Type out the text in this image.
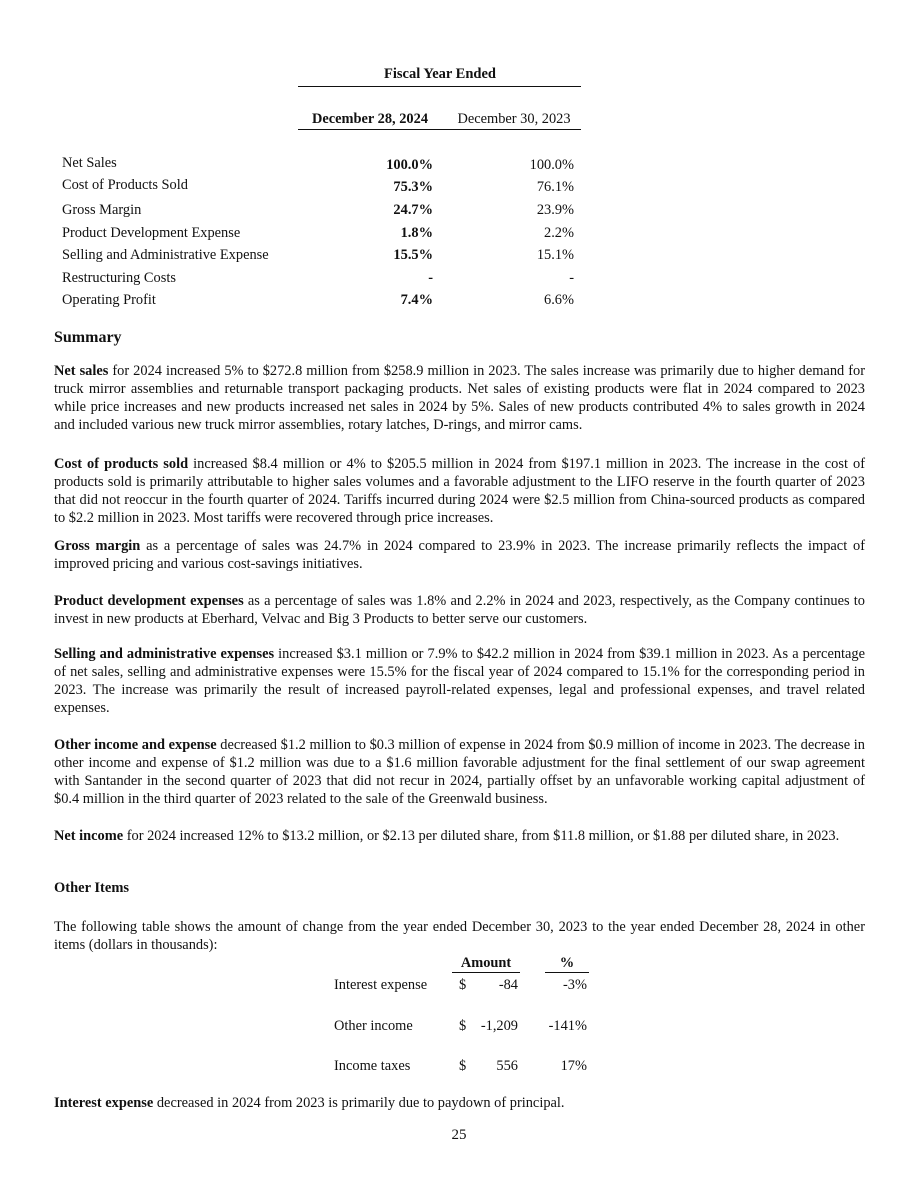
Fiscal Year Ended
December 28, 2024	December 30, 2023
Net Sales	100.0%	100.0%
Cost of Products Sold	75.3%	76.1%
Gross Margin	24.7%	23.9%
Product Development Expense	1.8%	2.2%
Selling and Administrative Expense	15.5%	15.1%
Restructuring Costs	-	-
Operating Profit	7.4%	6.6%
Summary

Net sales for 2024 increased 5% to $272.8 million from $258.9 million in 2023. The sales increase was primarily due to higher demand for truck mirror assemblies and returnable transport packaging products. Net sales of existing products were flat in 2024 compared to 2023 while price increases and new products increased net sales in 2024 by 5%. Sales of new products contributed 4% to sales growth in 2024 and included various new truck mirror assemblies, rotary latches, D-rings, and mirror cams.

Cost of products sold increased $8.4 million or 4% to $205.5 million in 2024 from $197.1 million in 2023. The increase in the cost of products sold is primarily attributable to higher sales volumes and a favorable adjustment to the LIFO reserve in the fourth quarter of 2023 that did not reoccur in the fourth quarter of 2024. Tariffs incurred during 2024 were $2.5 million from China-sourced products as compared to $2.2 million in 2023. Most tariffs were recovered through price increases.

Gross margin as a percentage of sales was 24.7% in 2024 compared to 23.9% in 2023. The increase primarily reflects the impact of improved pricing and various cost-savings initiatives.

Product development expenses as a percentage of sales was 1.8% and 2.2% in 2024 and 2023, respectively, as the Company continues to invest in new products at Eberhard, Velvac and Big 3 Products to better serve our customers.

Selling and administrative expenses increased $3.1 million or 7.9% to $42.2 million in 2024 from $39.1 million in 2023. As a percentage of net sales, selling and administrative expenses were 15.5% for the fiscal year of 2024 compared to 15.1% for the corresponding period in 2023. The increase was primarily the result of increased payroll-related expenses, legal and professional expenses, and travel related expenses.

Other income and expense decreased $1.2 million to $0.3 million of expense in 2024 from $0.9 million of income in 2023. The decrease in other income and expense of $1.2 million was due to a $1.6 million favorable adjustment for the final settlement of our swap agreement with Santander in the second quarter of 2023 that did not recur in 2024, partially offset by an unfavorable working capital adjustment of $0.4 million in the third quarter of 2023 related to the sale of the Greenwald business.

Net income for 2024 increased 12% to $13.2 million, or $2.13 per diluted share, from $11.8 million, or $1.88 per diluted share, in 2023.

Other Items

The following table shows the amount of change from the year ended December 30, 2023 to the year ended December 28, 2024 in other items (dollars in thousands):

Amount	%
Interest expense $	-84	-3%
Other income	$	-1,209	-141%
Income taxes	$	556	17%

Interest expense decreased in 2024 from 2023 is primarily due to paydown of principal.

25
